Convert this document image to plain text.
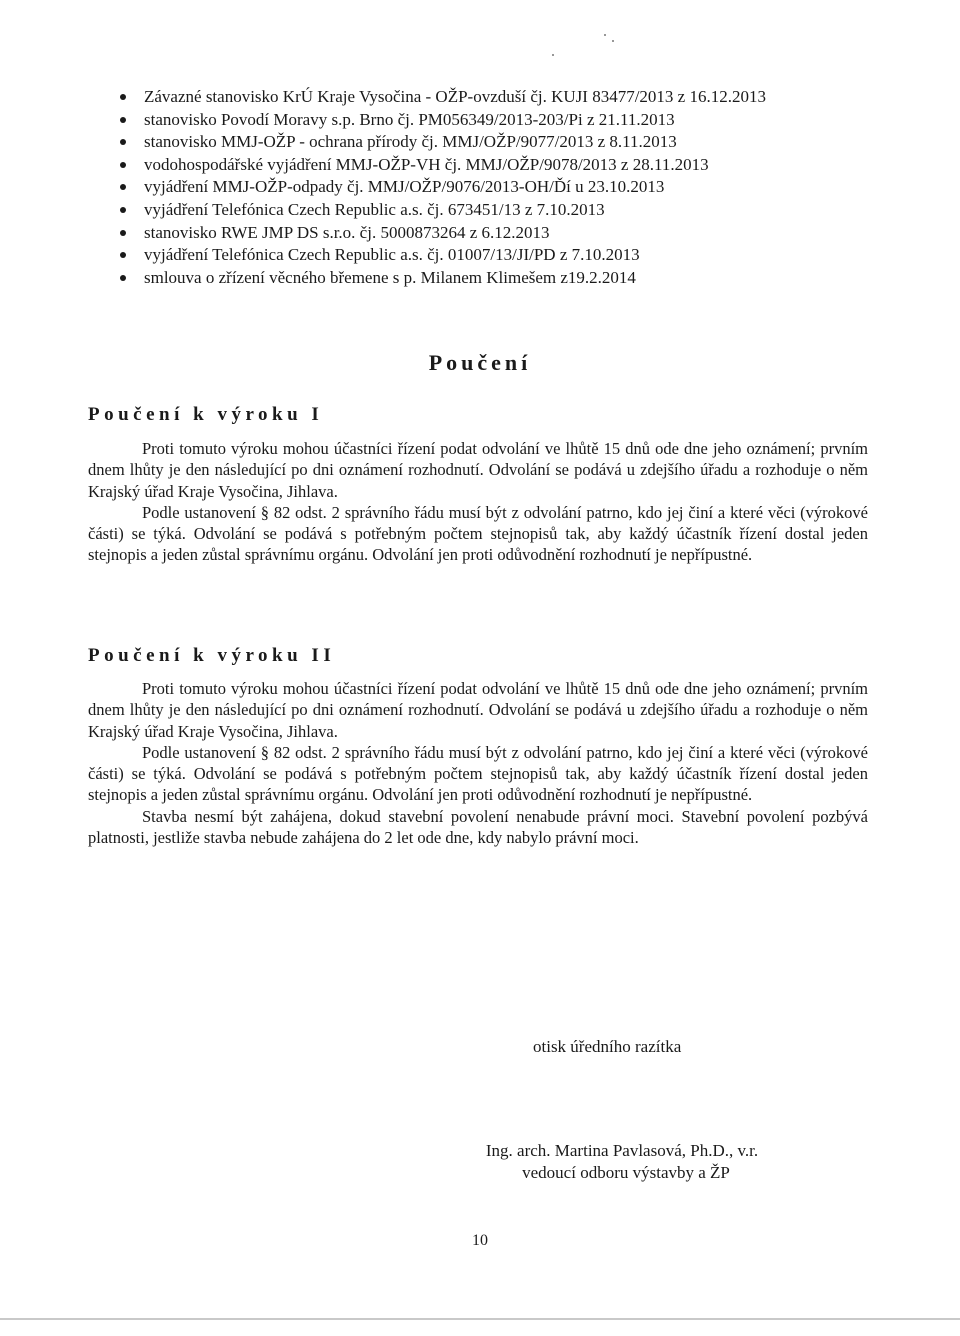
Závazné stanovisko KrÚ Kraje Vysočina - OŽP-ovzduší čj. KUJI 83477/2013 z 16.12.2013
stanovisko Povodí Moravy s.p. Brno čj. PM056349/2013-203/Pi z 21.11.2013
stanovisko MMJ-OŽP - ochrana přírody čj. MMJ/OŽP/9077/2013 z 8.11.2013
vodohospodářské vyjádření MMJ-OŽP-VH čj. MMJ/OŽP/9078/2013 z 28.11.2013
vyjádření MMJ-OŽP-odpady čj. MMJ/OŽP/9076/2013-OH/Ďí u 23.10.2013
vyjádření Telefónica Czech Republic a.s. čj. 673451/13 z 7.10.2013
stanovisko RWE JMP DS s.r.o. čj. 5000873264 z 6.12.2013
vyjádření Telefónica Czech Republic a.s. čj. 01007/13/JI/PD z 7.10.2013
smlouva o zřízení věcného břemene s p. Milanem Klimešem z19.2.2014
Poučení
Poučení k výroku I

Proti tomuto výroku mohou účastníci řízení podat odvolání ve lhůtě 15 dnů ode dne jeho oznámení; prvním dnem lhůty je den následující po dni oznámení rozhodnutí. Odvolání se podává u zdejšího úřadu a rozhoduje o něm Krajský úřad Kraje Vysočina, Jihlava.

Podle ustanovení § 82 odst. 2 správního řádu musí být z odvolání patrno, kdo jej činí a které věci (výrokové části) se týká. Odvolání se podává s potřebným počtem stejnopisů tak, aby každý účastník řízení dostal jeden stejnopis a jeden zůstal správnímu orgánu. Odvolání jen proti odůvodnění rozhodnutí je nepřípustné.

Poučení k výroku II

Proti tomuto výroku mohou účastníci řízení podat odvolání ve lhůtě 15 dnů ode dne jeho oznámení; prvním dnem lhůty je den následující po dni oznámení rozhodnutí. Odvolání se podává u zdejšího úřadu a rozhoduje o něm Krajský úřad Kraje Vysočina, Jihlava.

Podle ustanovení § 82 odst. 2 správního řádu musí být z odvolání patrno, kdo jej činí a které věci (výrokové části) se týká. Odvolání se podává s potřebným počtem stejnopisů tak, aby každý účastník řízení dostal jeden stejnopis a jeden zůstal správnímu orgánu. Odvolání jen proti odůvodnění rozhodnutí je nepřípustné.

Stavba nesmí být zahájena, dokud stavební povolení nenabude právní moci. Stavební povolení pozbývá platnosti, jestliže stavba nebude zahájena do 2 let ode dne, kdy nabylo právní moci.

otisk úředního razítka
Ing. arch. Martina Pavlasová, Ph.D., v.r.
vedoucí odboru výstavby a ŽP
10
